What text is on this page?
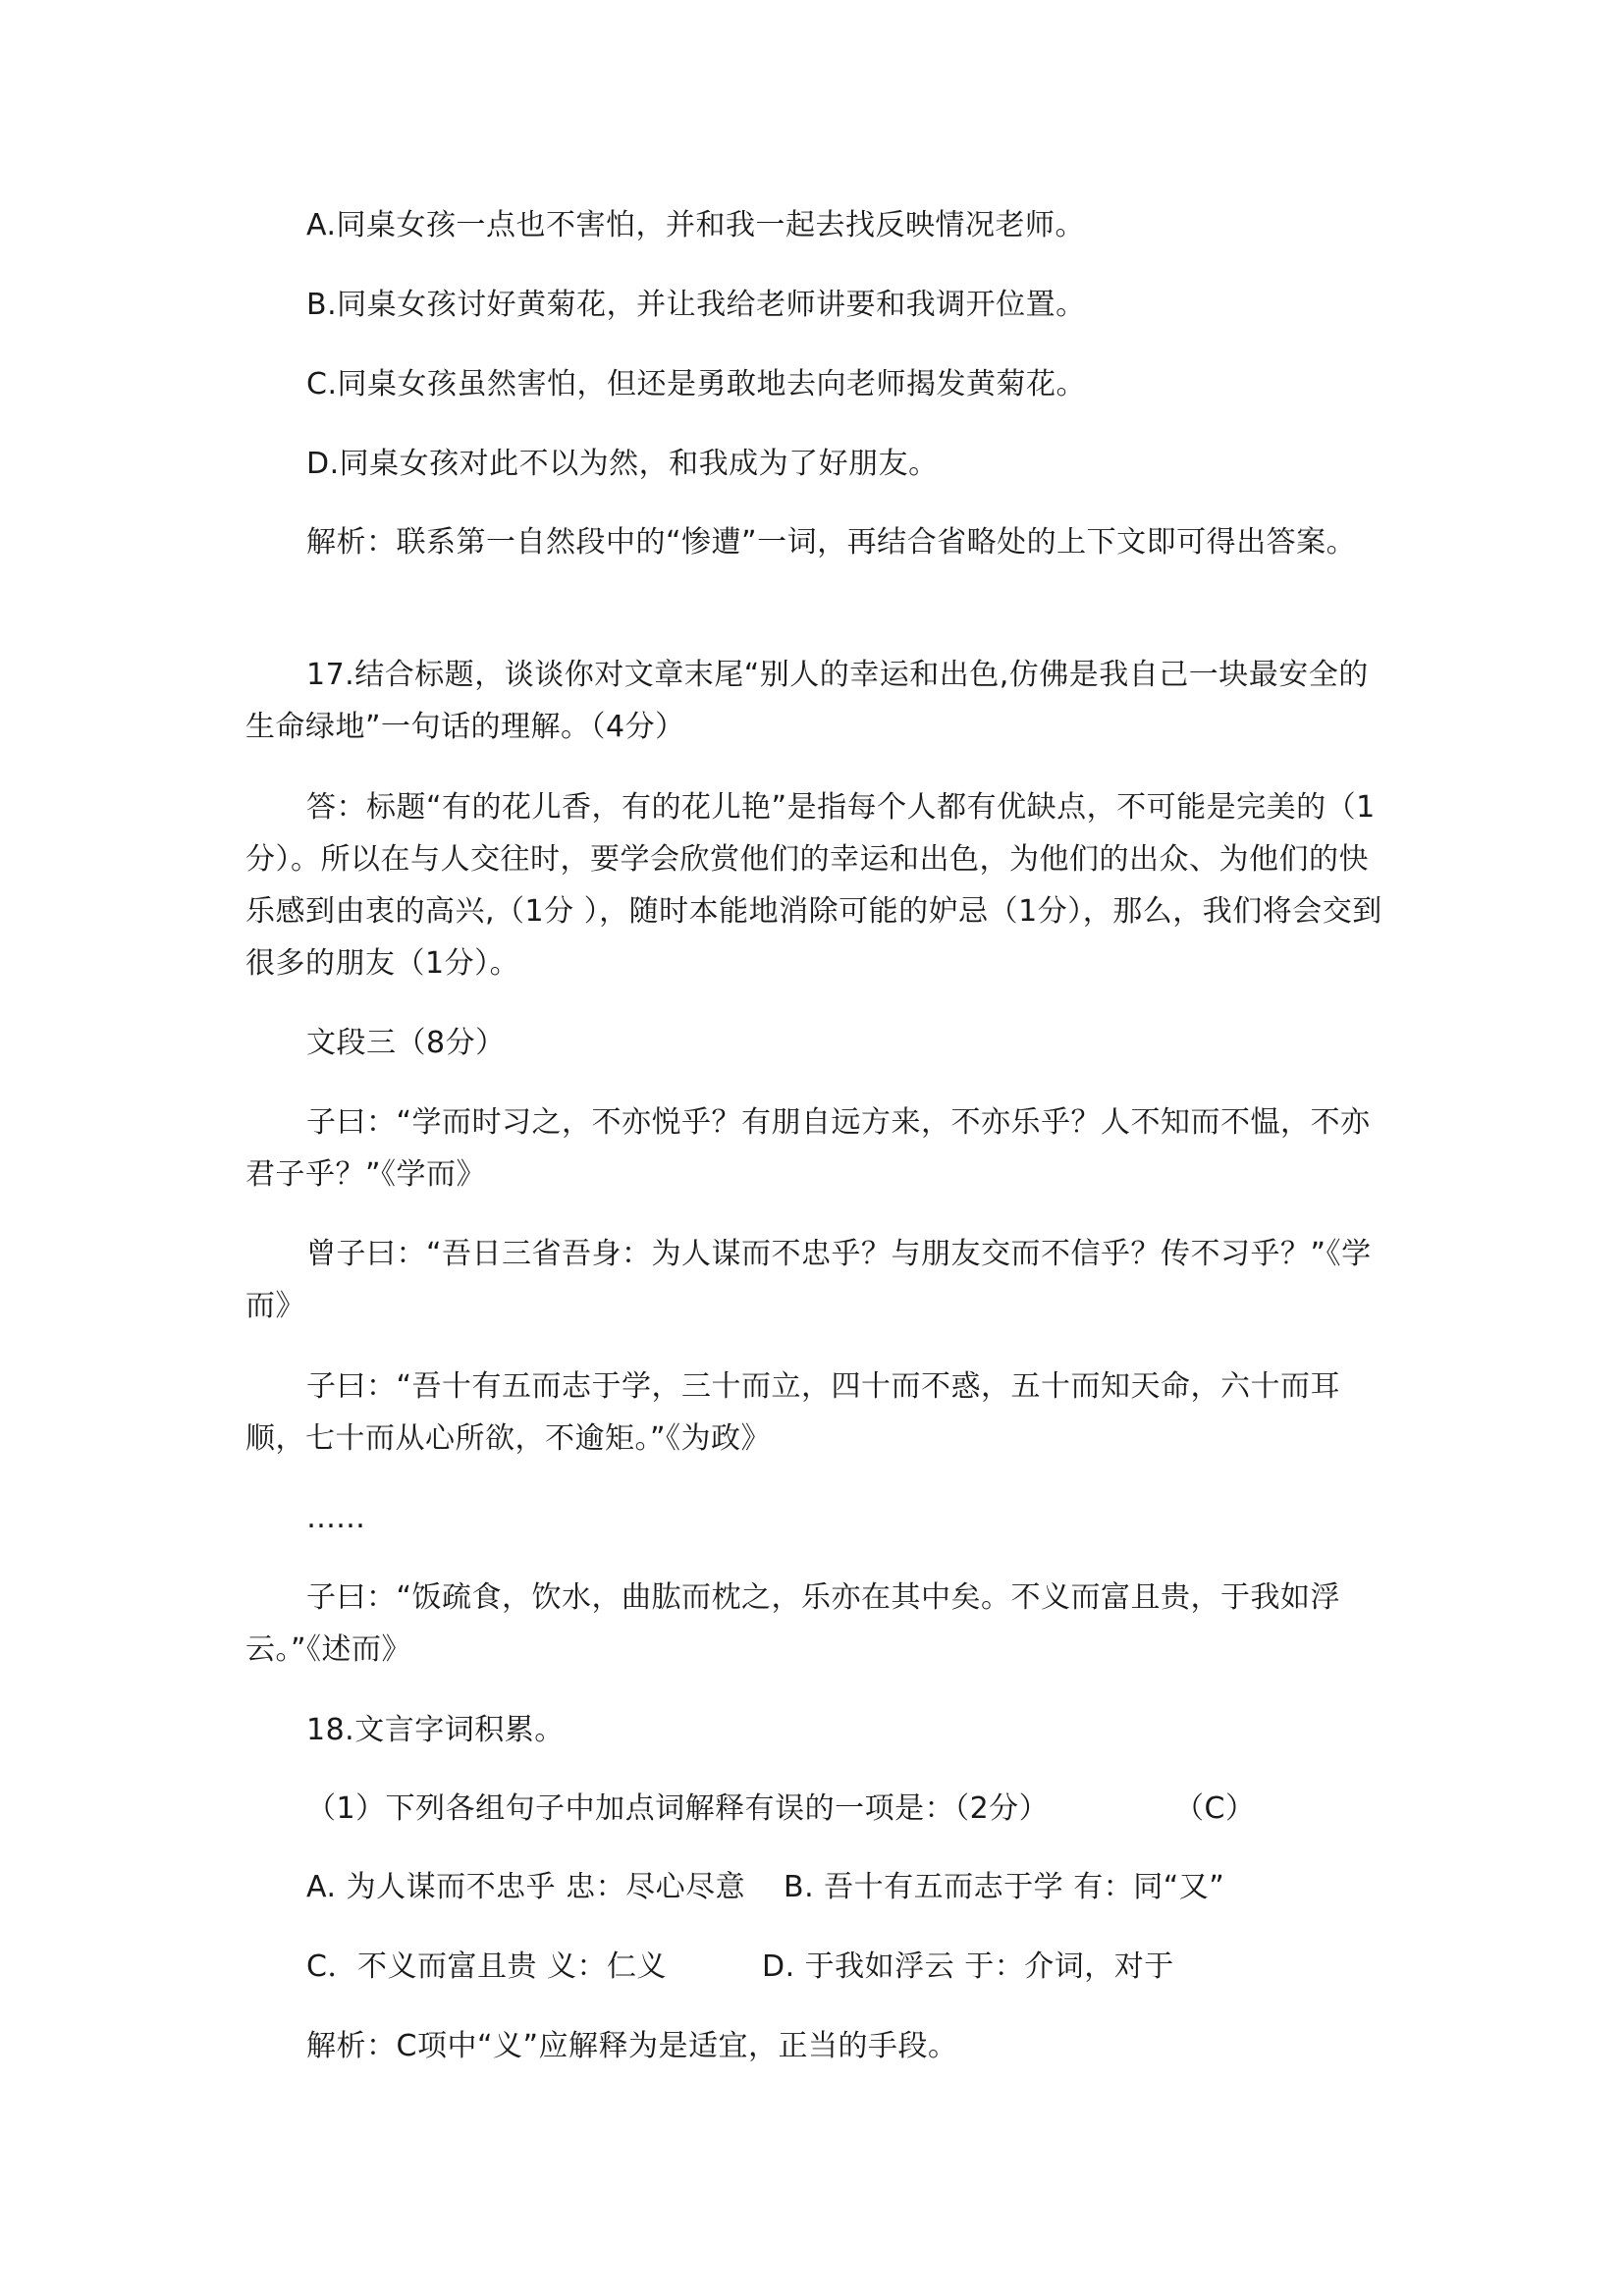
A.同桌女孩一点也不害怕，并和我一起去找反映情况老师。
B.同桌女孩讨好黄菊花，并让我给老师讲要和我调开位置。
C.同桌女孩虽然害怕，但还是勇敢地去向老师揭发黄菊花。
D.同桌女孩对此不以为然，和我成为了好朋友。

解析：联系第一自然段中的“惨遭”一词，再结合省略处的上下文即可得出答案。

17.结合标题，谈谈你对文章末尾“别人的幸运和出色,仿佛是我自己一块最安全的生命绿地”一句话的理解。（4分）

答：标题“有的花儿香，有的花儿艳”是指每个人都有优缺点，不可能是完美的（1分）。所以在与人交往时，要学会欣赏他们的幸运和出色，为他们的出众、为他们的快乐感到由衷的高兴,（1分 ），随时本能地消除可能的妒忌（1分），那么，我们将会交到很多的朋友（1分）。

文段三（8分）

子曰：“学而时习之，不亦悦乎？有朋自远方来，不亦乐乎？人不知而不愠，不亦君子乎？”《学而》

曾子曰：“吾日三省吾身：为人谋而不忠乎？与朋友交而不信乎？传不习乎？”《学而》

子曰：“吾十有五而志于学，三十而立，四十而不惑，五十而知天命，六十而耳顺，七十而从心所欲，不逾矩。”《为政》

……

子曰：“饭疏食，饮水，曲肱而枕之，乐亦在其中矣。不义而富且贵，于我如浮云。”《述而》

18.文言字词积累。
（1）下列各组句子中加点词解释有误的一项是：（2分）	（C）
A. 为人谋而不忠乎 忠：尽心尽意 B. 吾十有五而志于学 有：同“又”
C．不义而富且贵 义：仁义	D. 于我如浮云 于：介词，对于
解析：C项中“义”应解释为是适宜，正当的手段。
